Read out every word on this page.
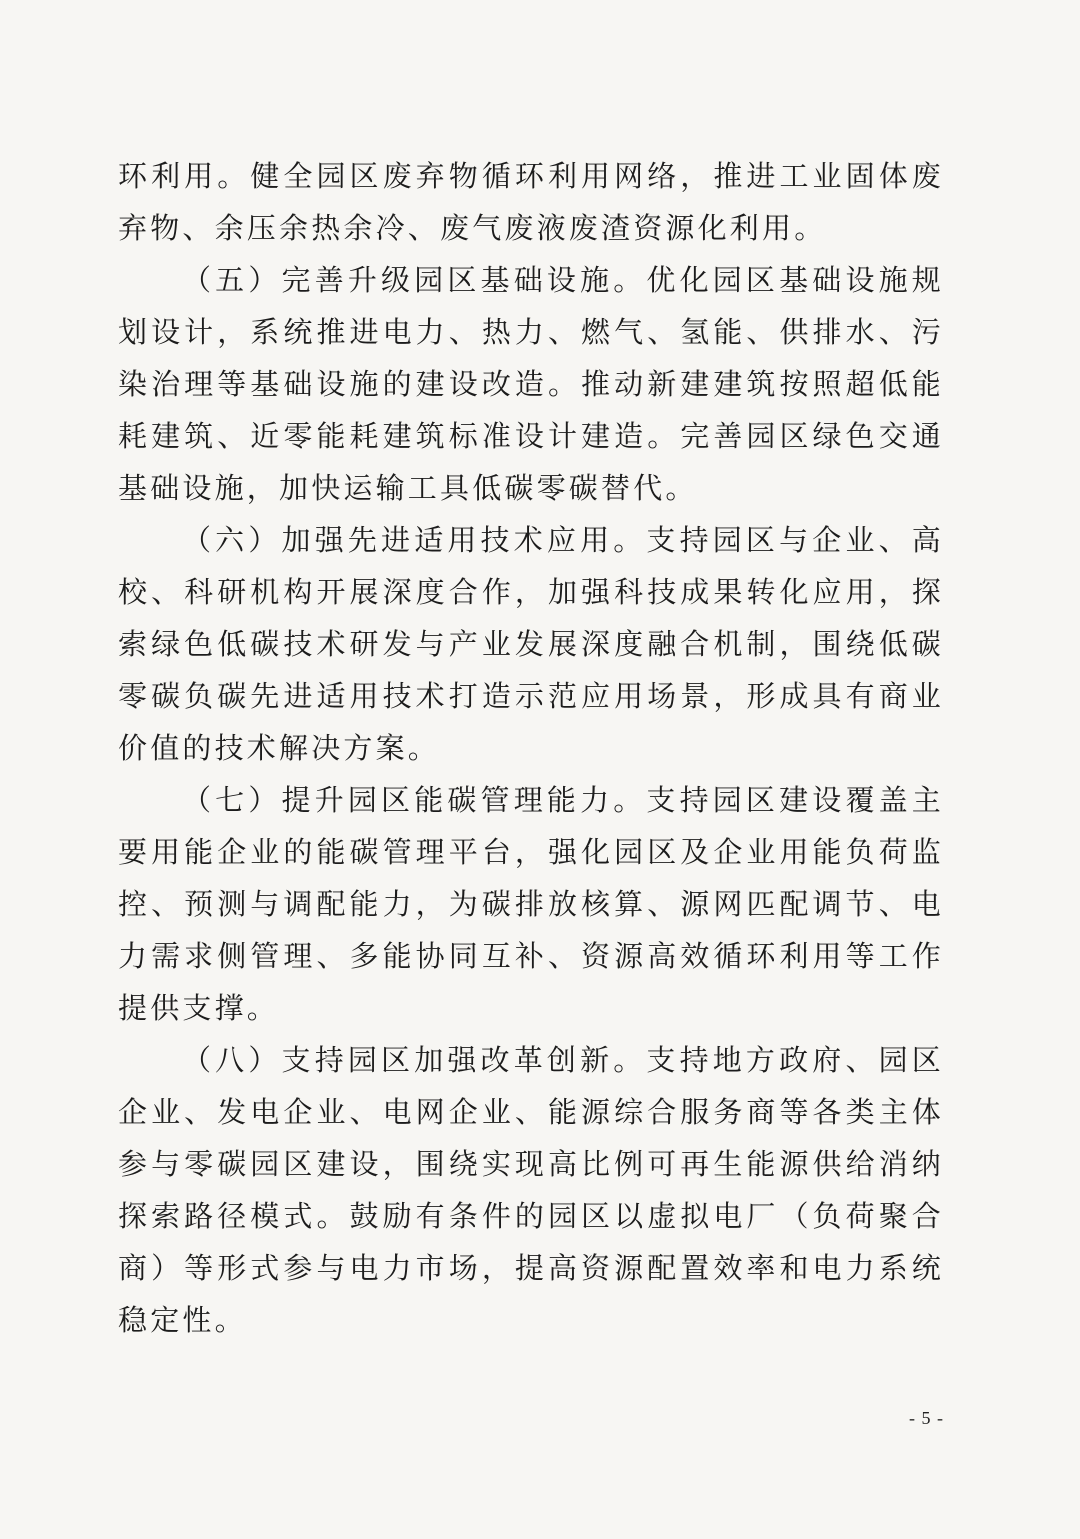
环利用。健全园区废弃物循环利用网络，推进工业固体废弃物、余压余热余冷、废气废液废渣资源化利用。

（五）完善升级园区基础设施。优化园区基础设施规划设计，系统推进电力、热力、燃气、氢能、供排水、污染治理等基础设施的建设改造。推动新建建筑按照超低能耗建筑、近零能耗建筑标准设计建造。完善园区绿色交通基础设施，加快运输工具低碳零碳替代。

（六）加强先进适用技术应用。支持园区与企业、高校、科研机构开展深度合作，加强科技成果转化应用，探索绿色低碳技术研发与产业发展深度融合机制，围绕低碳零碳负碳先进适用技术打造示范应用场景，形成具有商业价值的技术解决方案。

（七）提升园区能碳管理能力。支持园区建设覆盖主要用能企业的能碳管理平台，强化园区及企业用能负荷监控、预测与调配能力，为碳排放核算、源网匹配调节、电力需求侧管理、多能协同互补、资源高效循环利用等工作提供支撑。

（八）支持园区加强改革创新。支持地方政府、园区企业、发电企业、电网企业、能源综合服务商等各类主体参与零碳园区建设，围绕实现高比例可再生能源供给消纳探索路径模式。鼓励有条件的园区以虚拟电厂（负荷聚合商）等形式参与电力市场，提高资源配置效率和电力系统稳定性。

- 5 -
